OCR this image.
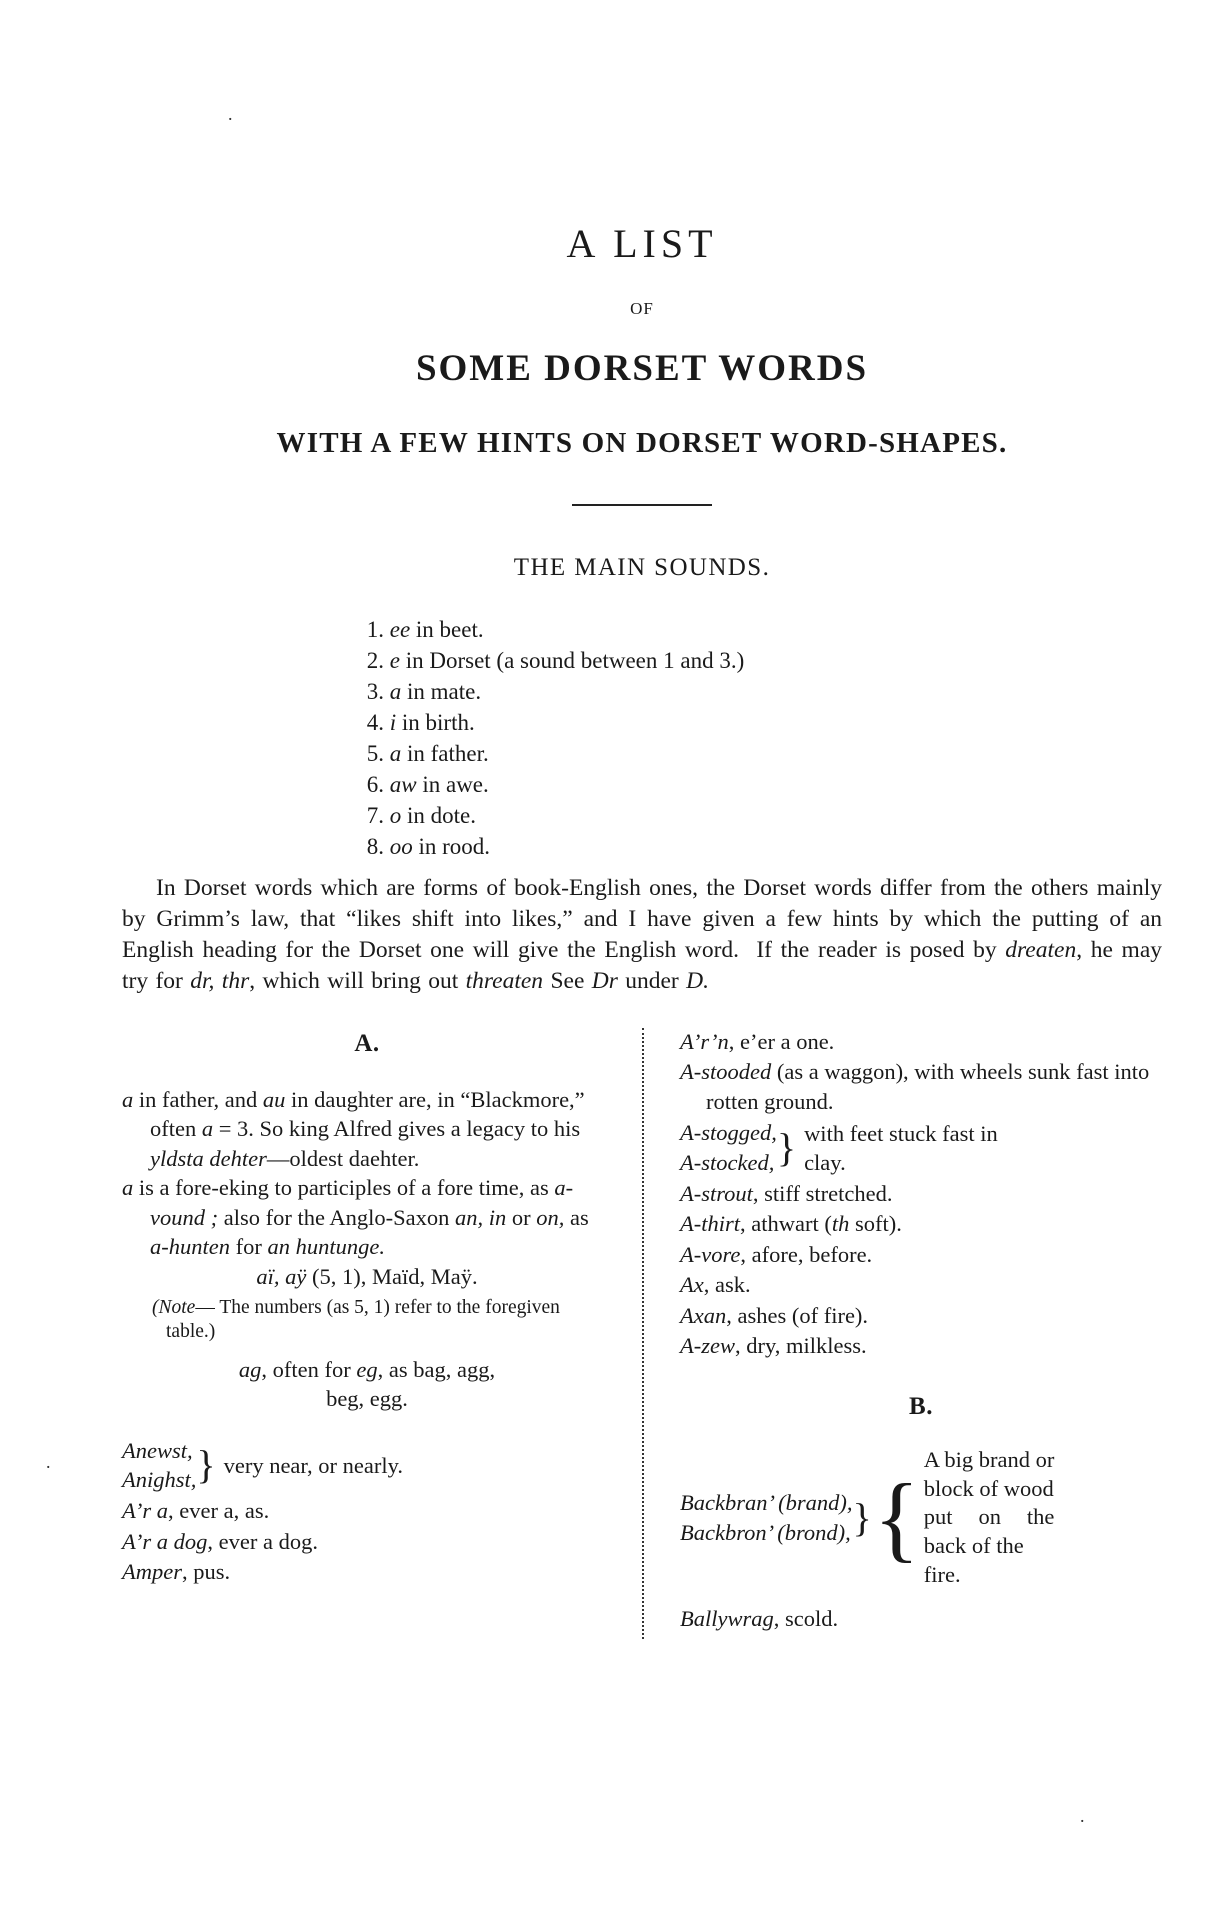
A LIST
OF
SOME DORSET WORDS
WITH A FEW HINTS ON DORSET WORD-SHAPES.
THE MAIN SOUNDS.
1 . ee in beet.
2 . e in Dorset (a sound between 1 and 3.)
3 . a in mate.
4 . i in birth.
5 . a in father.
6 . aw in awe.
7 . o in dote.
8 . oo in rood.

In Dorset words which are forms of book-English ones, the Dorset words differ from the others mainly by Grimm’s law, that “likes shift into likes,” and I have given a few hints by which the putting of an English heading for the Dorset one will give the English word.  If the reader is posed by dreaten, he may try for dr, thr, which will bring out threaten See Dr under D.

A.
a in father, and au in daughter are, in “Blackmore,” often a = 3. So king Alfred gives a legacy to his yldsta dehter—oldest daehter.
a is a fore-eking to participles of a fore time, as a-vound ; also for the Anglo-Saxon an, in or on, as a-hunten for an huntunge.
aï, aÿ (5, 1), Maïd, Maÿ.
(Note— The numbers (as 5, 1) refer to the foregiven table.)
ag, often for eg, as bag, agg,
beg, egg.
Anewst,
Anighst, } very near, or nearly.
A’r a, ever a, as.
A’r a dog, ever a dog.
Amper, pus.
A’r’n, e’er a one.
A-stooded (as a waggon), with wheels sunk fast into rotten ground.
A-stogged,
A-stocked, } with feet stuck fast in
clay.
A-strout, stiff stretched.
A-thirt, athwart (th soft).
A-vore, afore, before.
Ax, ask.
Axan, ashes (of fire).
A-zew, dry, milkless.
B.
Backbran’ (brand),
Backbron’ (brond), } {
A big brand or
block of wood
put on the
back of the
fire.
Ballywrag, scold.
.
.
.
